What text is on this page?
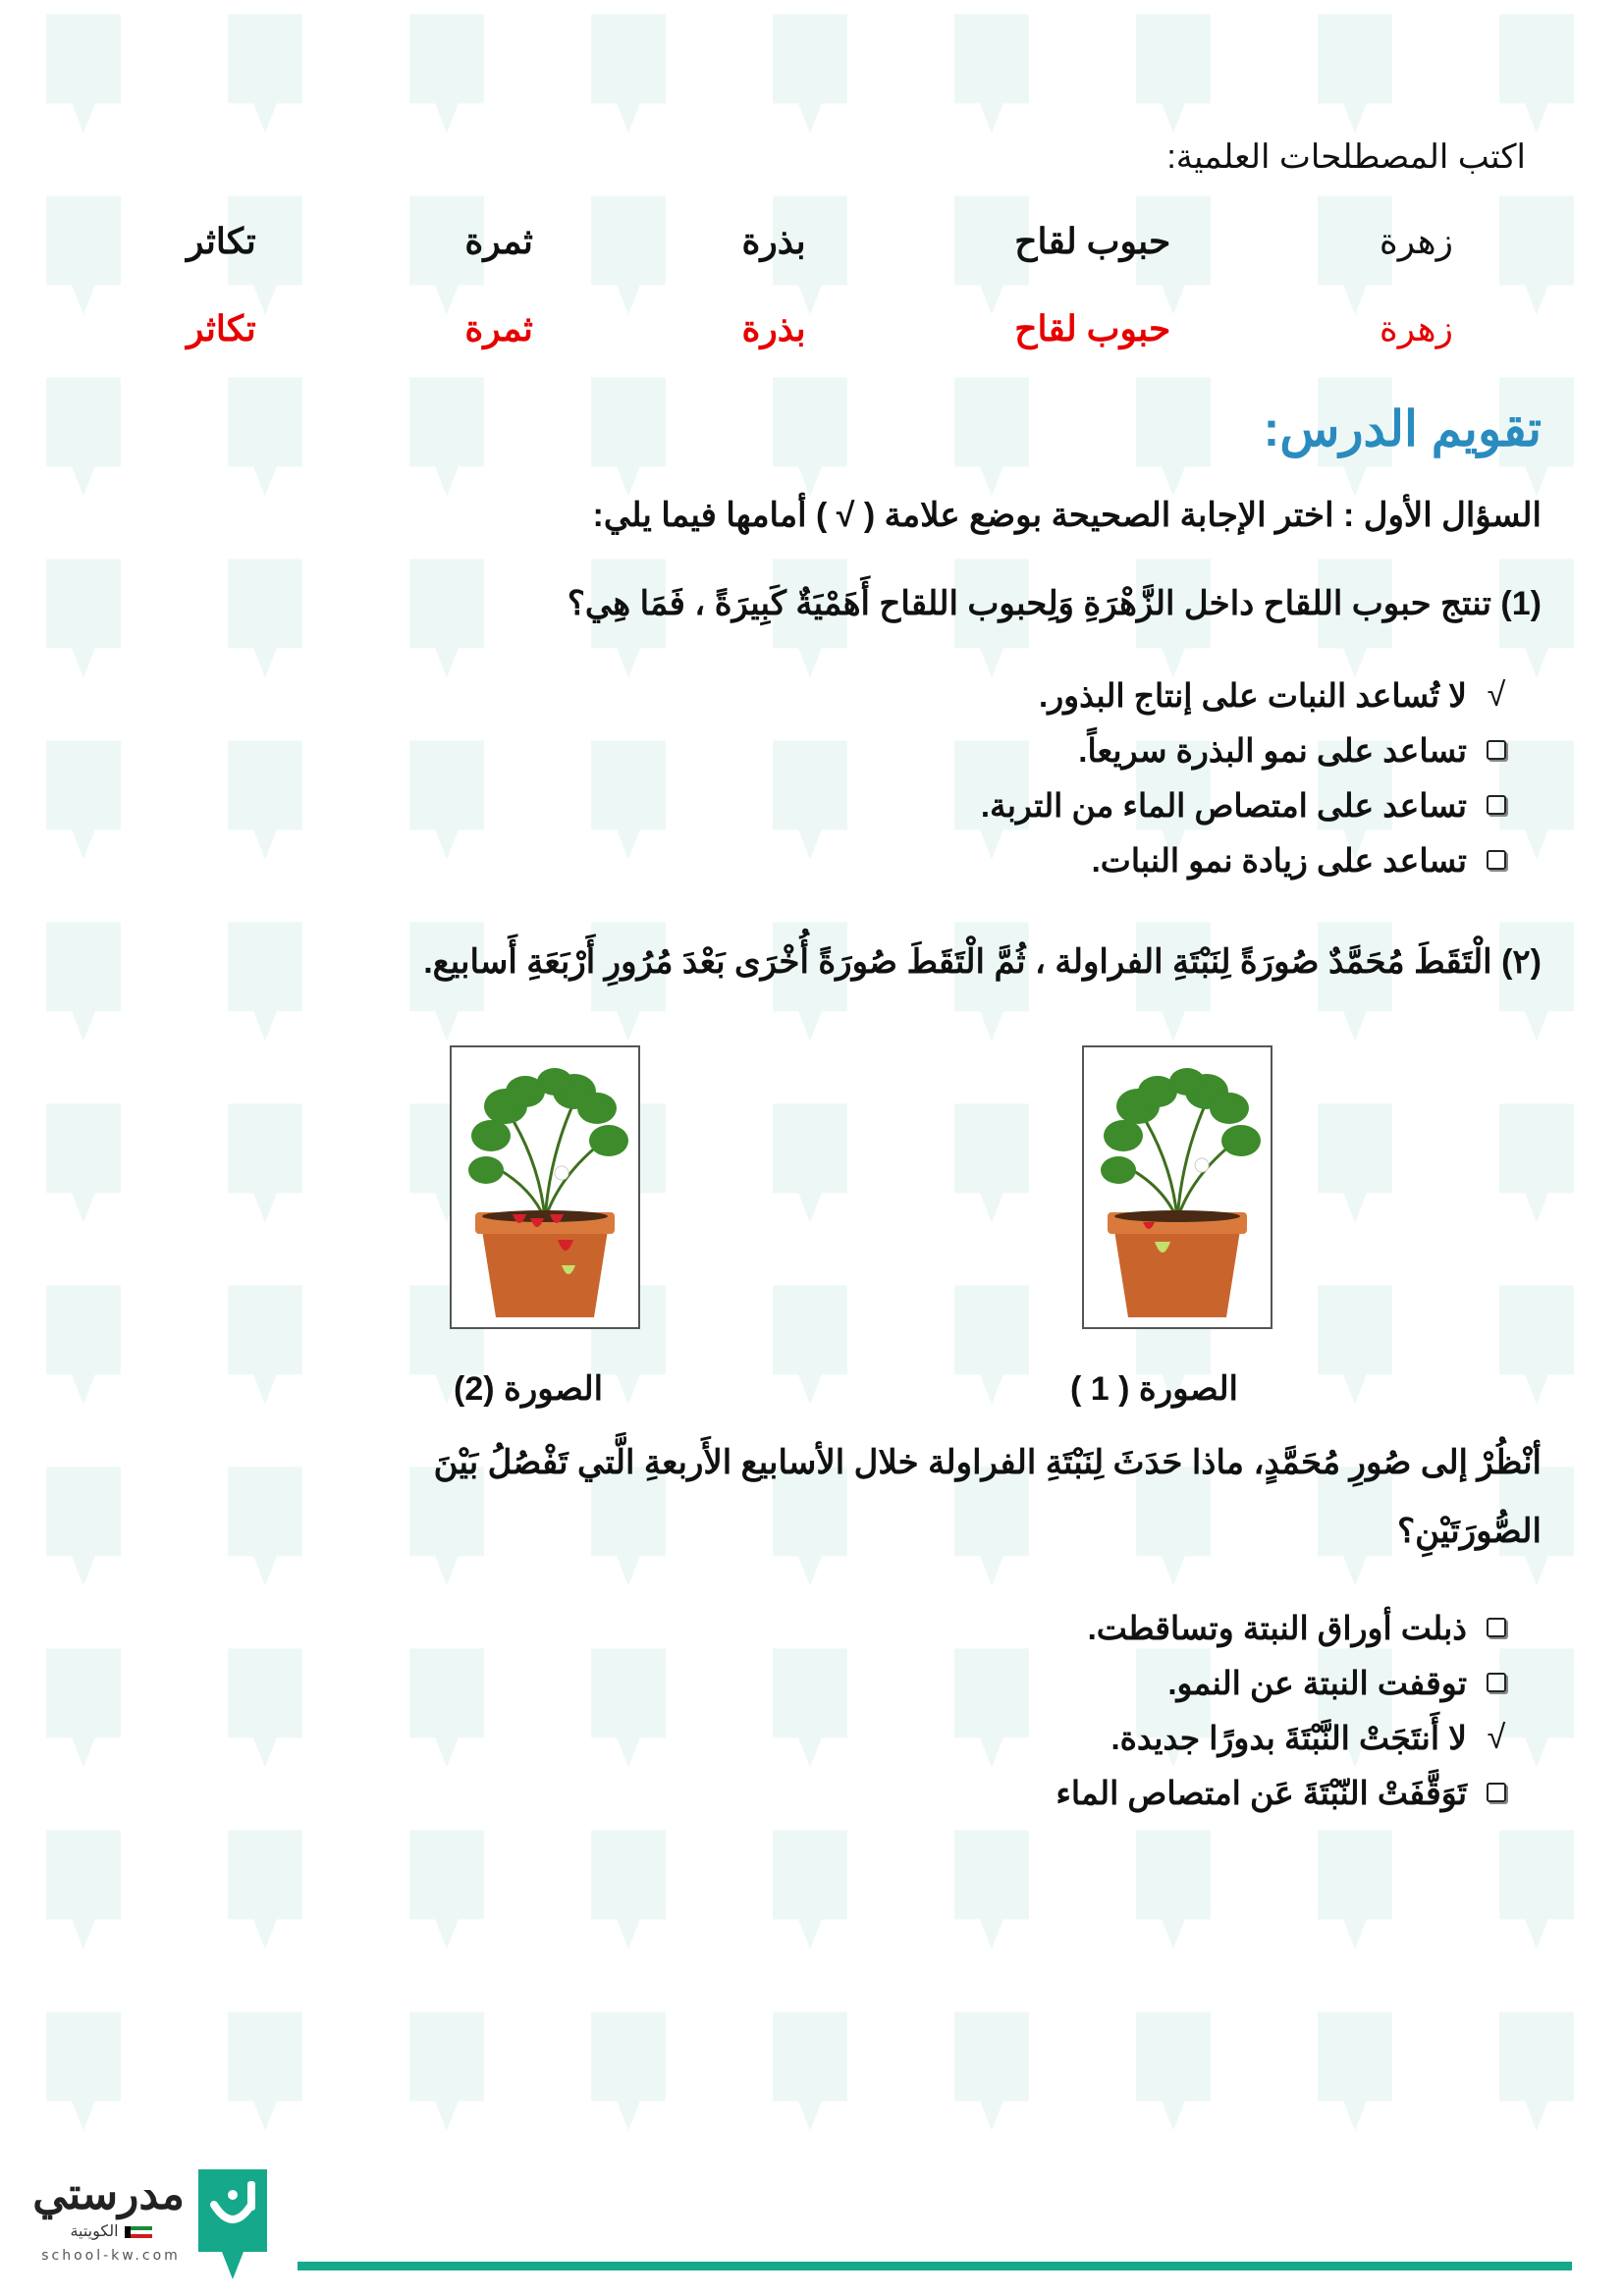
اكتب المصطلحات العلمية:
زهرة
حبوب لقاح
بذرة
ثمرة
تكاثر
زهرة
حبوب لقاح
بذرة
ثمرة
تكاثر
تقويم الدرس:
السؤال الأول : اختر الإجابة الصحيحة بوضع علامة ( √ ) أمامها فيما يلي:
(1) تنتج حبوب اللقاح داخل الزَّهْرَةِ وَلِحبوب اللقاح أَهَمْيَةٌ كَبِيرَةً ، فَمَا هِي؟
√
لا تُساعد النبات على إنتاج البذور.
تساعد على نمو البذرة سريعاً.
تساعد على امتصاص الماء من التربة.
تساعد على زيادة نمو النبات.
(٢) الْتَقَطَ مُحَمَّدٌ صُورَةً لِنَبْتَةِ الفراولة ، ثُمَّ الْتَقَطَ صُورَةً أُخْرَى بَعْدَ مُرُورِ أَرْبَعَةِ أَسابيع.
الصورة ( 1 )
الصورة (2)
أنْظُرْ إلى صُورِ مُحَمَّدٍ، ماذا حَدَثَ لِنَبْتَةِ الفراولة خلال الأسابيع الأَربعةِ الَّتي تَفْصُلُ بَيْنَ
الصُّورَتَيْنِ؟
ذبلت أوراق النبتة وتساقطت.
توقفت النبتة عن النمو.
√
لا أَنتَجَتْ النَّبْتَةَ بدورًا جديدة.
تَوَقَّفَتْ النّبْتَةَ عَن امتصاص الماء
مدرستي
الكويتية
school-kw.com
